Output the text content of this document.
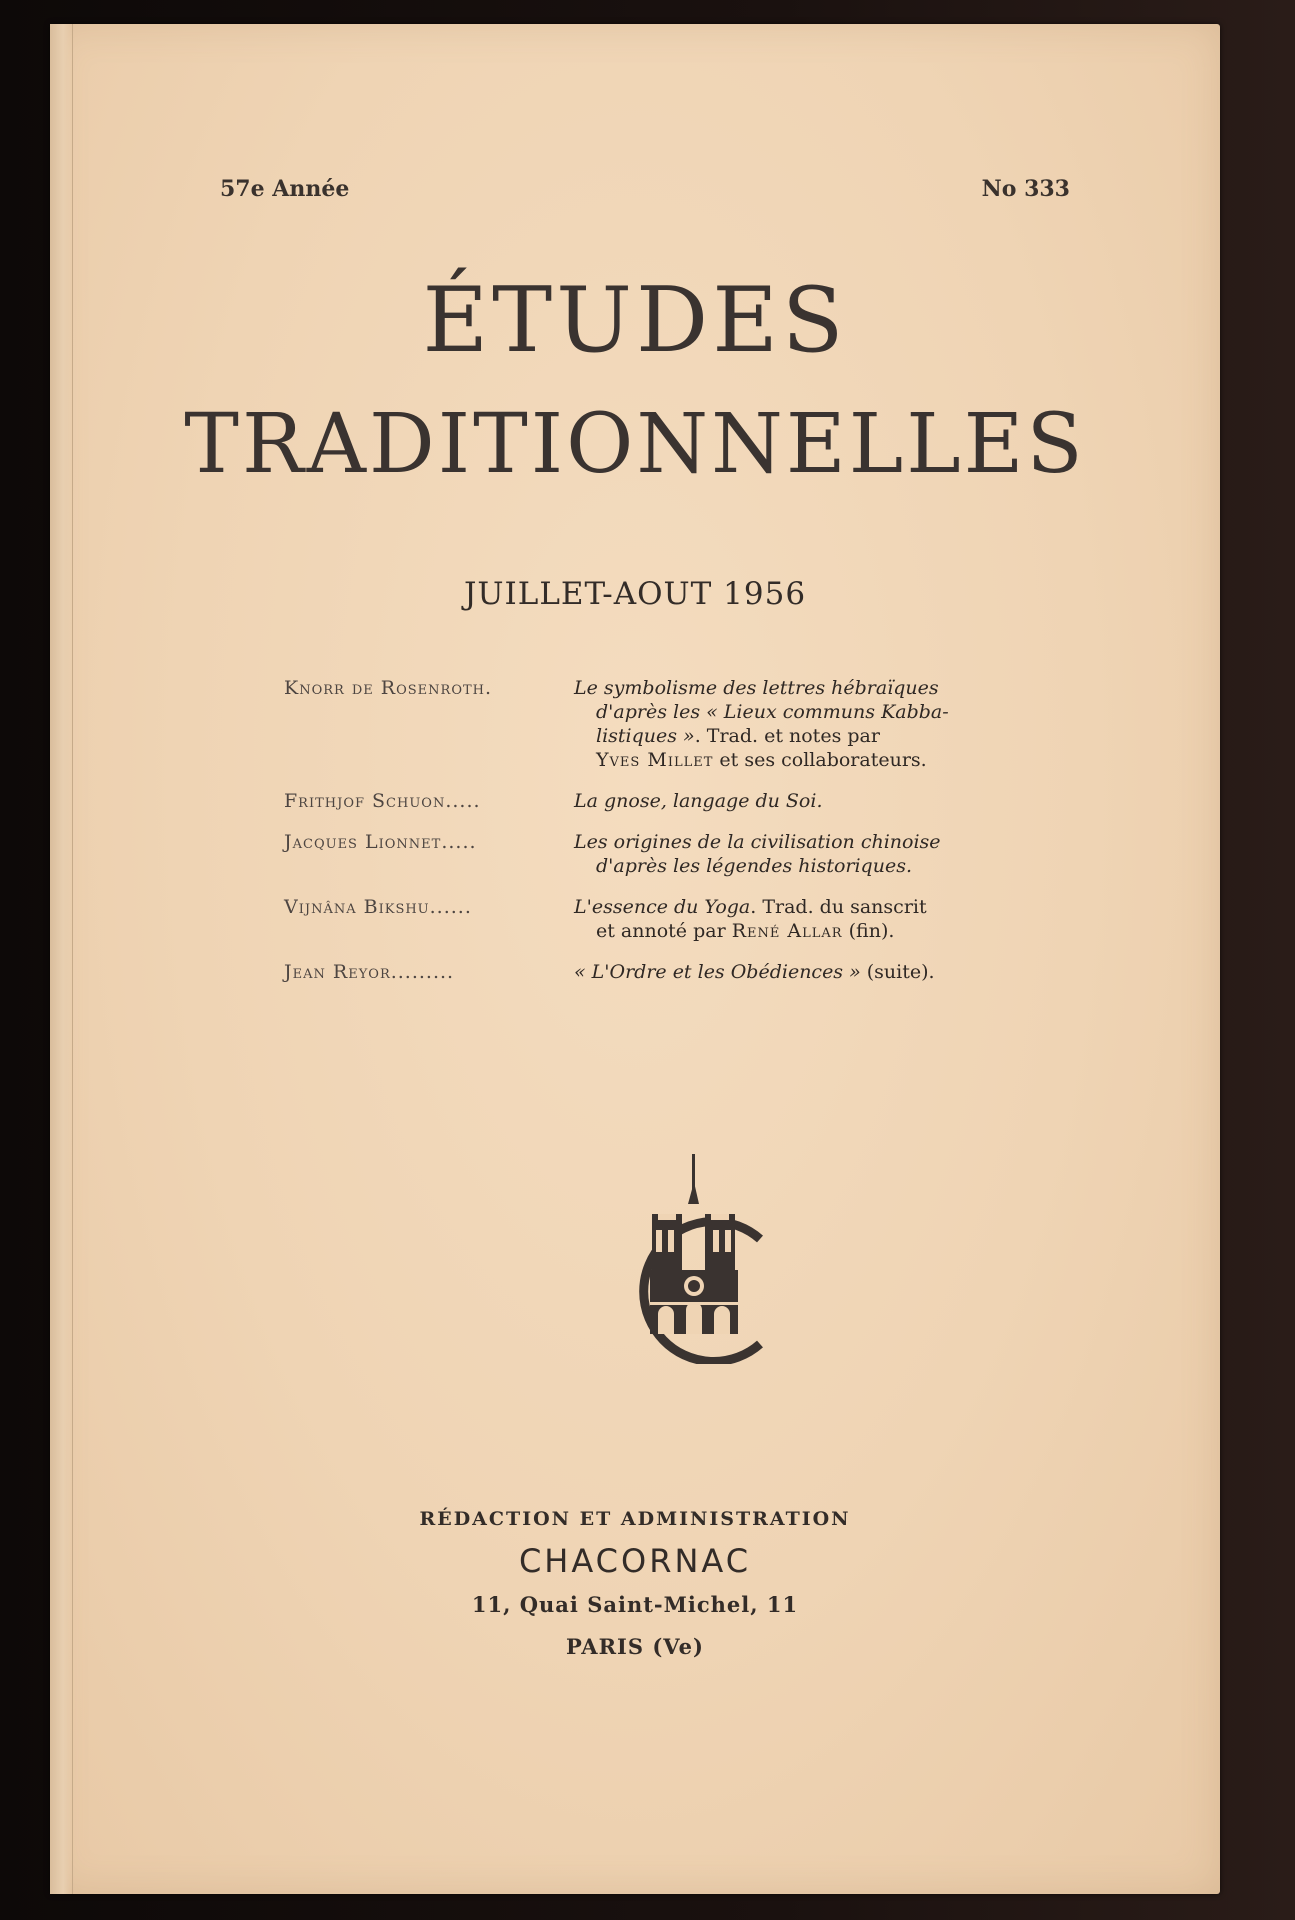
57e Année	No 333
ÉTUDES
TRADITIONNELLES
JUILLET-AOUT 1956
Knorr de Rosenroth.	Le symbolisme des lettres hébraïques
d'après les « Lieux communs Kabba-
listiques ». Trad. et notes par
Yves Millet et ses collaborateurs.
Frithjof Schuon.....	La gnose, langage du Soi.
Jacques Lionnet.....	Les origines de la civilisation chinoise
d'après les légendes historiques.
Vijnâna Bikshu......	L'essence du Yoga. Trad. du sanscrit
et annoté par René Allar (fin).
Jean Reyor.........	« L'Ordre et les Obédiences » (suite).
RÉDACTION ET ADMINISTRATION
CHACORNAC
11, Quai Saint-Michel, 11
PARIS (Ve)
